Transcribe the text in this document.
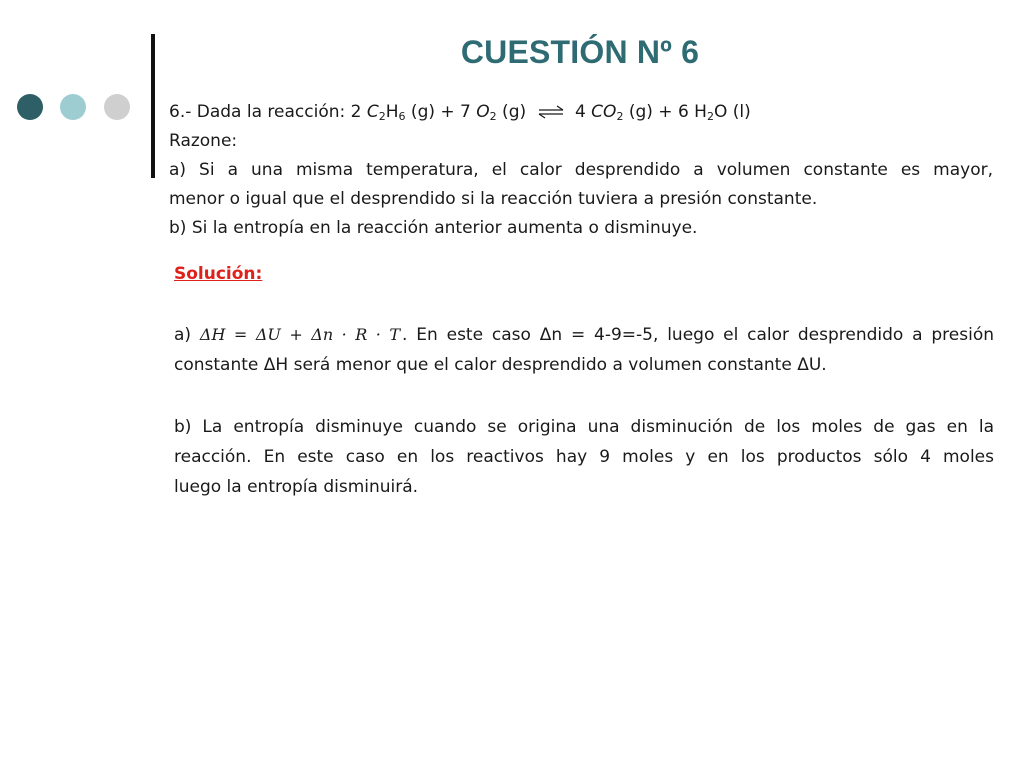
CUESTIÓN Nº 6

6.- Dada la reacción: 2 $C_2H_6$ (g) + 7 $O_2$ (g) ⇌ 4 $CO_2$ (g) + 6 $H_2O$ (l)

Razone:

a) Si a una misma temperatura, el calor desprendido a volumen constante es mayor,

menor o igual que el desprendido si la reacción tuviera a presión constante.

b) Si la entropía en la reacción anterior aumenta o disminuye.

Solución:

a) ΔH = ΔU + Δn · R · T . En este caso Δn = 4-9=-5, luego el calor desprendido a presión

constante ΔH será menor que el calor desprendido a volumen constante ΔU.

b) La entropía disminuye cuando se origina una disminución de los moles de gas en la

reacción. En este caso en los reactivos hay 9 moles y en los productos sólo 4 moles

luego la entropía disminuirá.
